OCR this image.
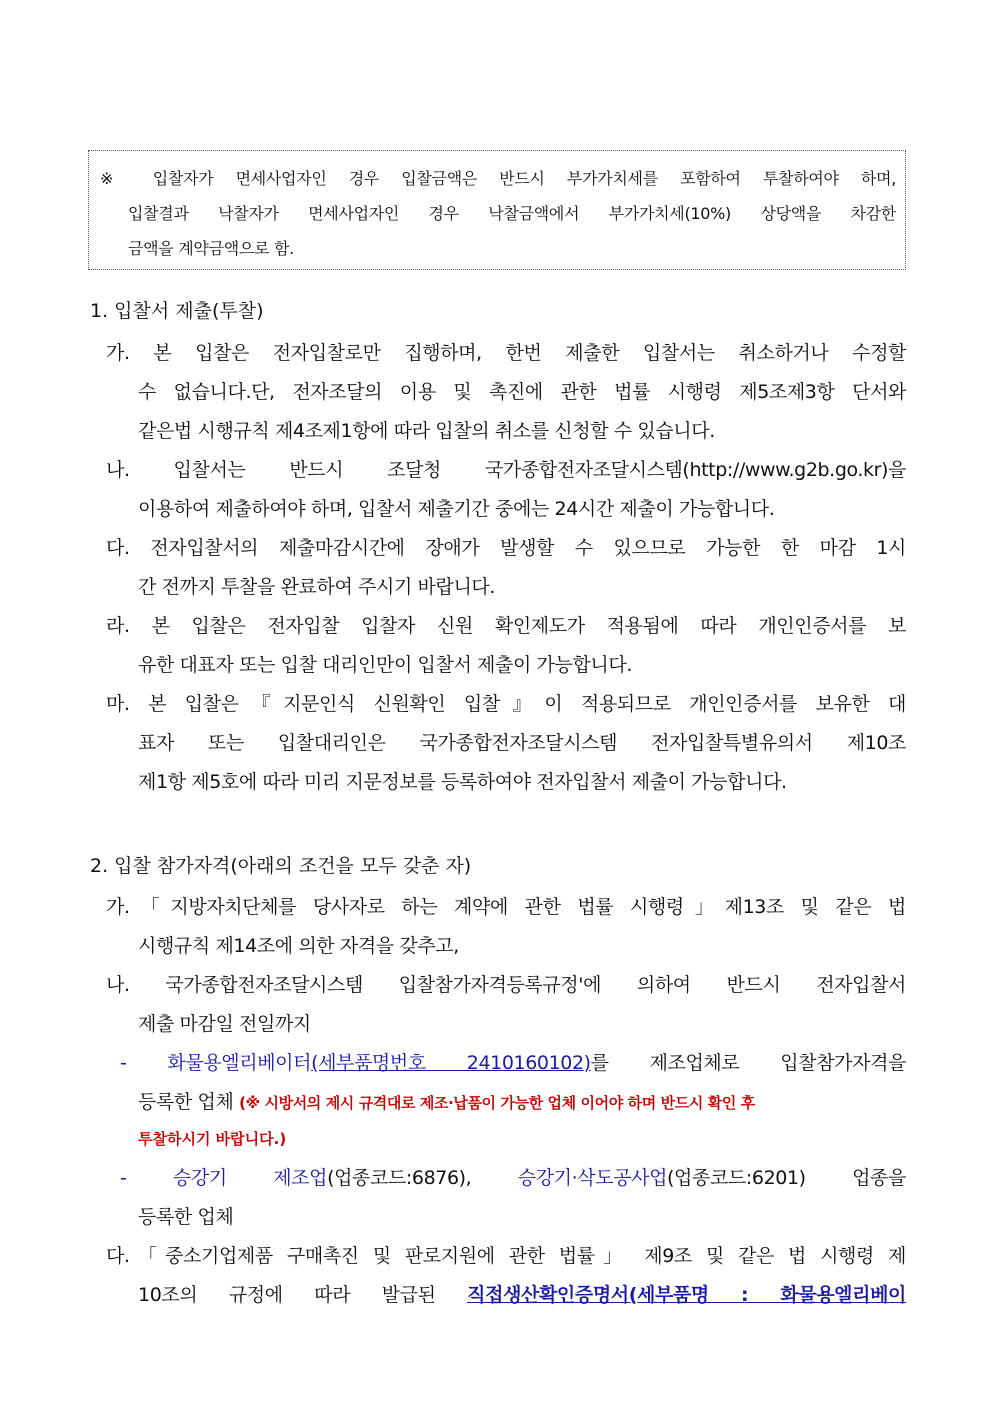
※ 입찰자가 면세사업자인 경우 입찰금액은 반드시 부가가치세를 포함하여 투찰하여야 하며,
입찰결과 낙찰자가 면세사업자인 경우 낙찰금액에서 부가가치세(10%) 상당액을 차감한
금액을 계약금액으로 함.
1. 입찰서 제출(투찰)
가. 본 입찰은 전자입찰로만 집행하며, 한번 제출한 입찰서는 취소하거나 수정할
수 없습니다.단, 전자조달의 이용 및 촉진에 관한 법률 시행령 제5조제3항 단서와
같은법 시행규칙 제4조제1항에 따라 입찰의 취소를 신청할 수 있습니다.
나. 입찰서는 반드시 조달청 국가종합전자조달시스템(http://www.g2b.go.kr)을
이용하여 제출하여야 하며, 입찰서 제출기간 중에는 24시간 제출이 가능합니다.
다. 전자입찰서의 제출마감시간에 장애가 발생할 수 있으므로 가능한 한 마감 1시
간 전까지 투찰을 완료하여 주시기 바랍니다.
라. 본 입찰은 전자입찰 입찰자 신원 확인제도가 적용됨에 따라 개인인증서를 보
유한 대표자 또는 입찰 대리인만이 입찰서 제출이 가능합니다.
마. 본 입찰은『지문인식 신원확인 입찰』이 적용되므로 개인인증서를 보유한 대
표자 또는 입찰대리인은 국가종합전자조달시스템 전자입찰특별유의서 제10조
제1항 제5호에 따라 미리 지문정보를 등록하여야 전자입찰서 제출이 가능합니다.
2. 입찰 참가자격(아래의 조건을 모두 갖춘 자)
가.「지방자치단체를 당사자로 하는 계약에 관한 법률 시행령」제13조 및 같은 법
시행규칙 제14조에 의한 자격을 갖추고,
나. 국가종합전자조달시스템 입찰참가자격등록규정'에 의하여 반드시 전자입찰서
제출 마감일 전일까지
- 화물용엘리베이터(세부품명번호 2410160102)를 제조업체로 입찰참가자격을
등록한 업체 (※ 시방서의 제시 규격대로 제조·납품이 가능한 업체 이어야 하며 반드시 확인 후
투찰하시기 바랍니다.)
- 승강기 제조업(업종코드:6876), 승강기·삭도공사업(업종코드:6201) 업종을
등록한 업체
다.「중소기업제품 구매촉진 및 판로지원에 관한 법률」 제9조 및 같은 법 시행령 제
10조의 규정에 따라 발급된 직접생산확인증명서(세부품명 : 화물용엘리베이
